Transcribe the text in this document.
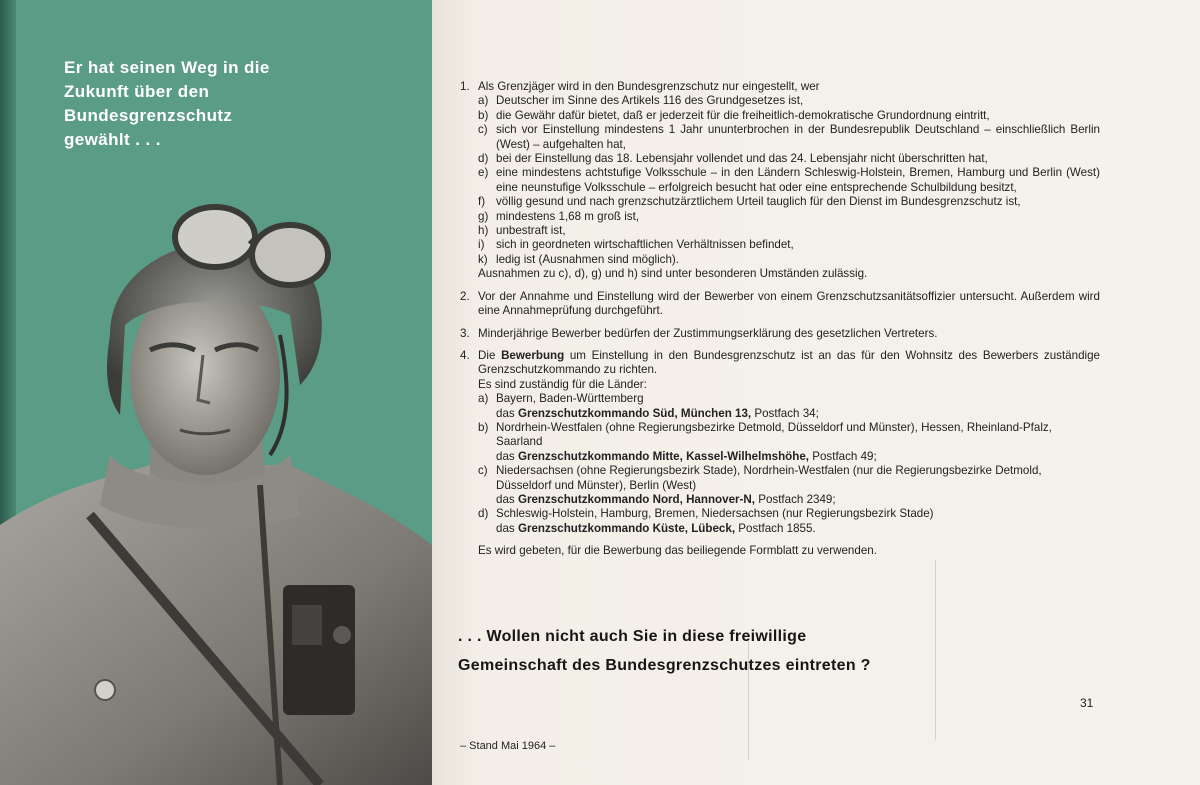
Er hat seinen Weg in die
Zukunft über den
Bundesgrenzschutz
gewählt . . .
1. Als Grenzjäger wird in den Bundesgrenzschutz nur eingestellt, wer
a) Deutscher im Sinne des Artikels 116 des Grundgesetzes ist,
b) die Gewähr dafür bietet, daß er jederzeit für die freiheitlich-demokratische Grundordnung eintritt,
c) sich vor Einstellung mindestens 1 Jahr ununterbrochen in der Bundesrepublik Deutschland – einschließlich Berlin (West) – aufgehalten hat,
d) bei der Einstellung das 18. Lebensjahr vollendet und das 24. Lebensjahr nicht überschritten hat,
e) eine mindestens achtstufige Volksschule – in den Ländern Schleswig-Holstein, Bremen, Hamburg und Berlin (West) eine neunstufige Volksschule – erfolgreich besucht hat oder eine entsprechende Schulbildung besitzt,
f) völlig gesund und nach grenzschutzärztlichem Urteil tauglich für den Dienst im Bundesgrenzschutz ist,
g) mindestens 1,68 m groß ist,
h) unbestraft ist,
i) sich in geordneten wirtschaftlichen Verhältnissen befindet,
k) ledig ist (Ausnahmen sind möglich).
Ausnahmen zu c), d), g) und h) sind unter besonderen Umständen zulässig.
2. Vor der Annahme und Einstellung wird der Bewerber von einem Grenzschutzsanitätsoffizier untersucht. Außerdem wird eine Annahmeprüfung durchgeführt.
3. Minderjährige Bewerber bedürfen der Zustimmungserklärung des gesetzlichen Vertreters.
4. Die Bewerbung um Einstellung in den Bundesgrenzschutz ist an das für den Wohnsitz des Bewerbers zuständige Grenzschutzkommando zu richten.
Es sind zuständig für die Länder:
a) Bayern, Baden-Württemberg
das Grenzschutzkommando Süd, München 13, Postfach 34;
b) Nordrhein-Westfalen (ohne Regierungsbezirke Detmold, Düsseldorf und Münster), Hessen, Rheinland-Pfalz, Saarland
das Grenzschutzkommando Mitte, Kassel-Wilhelmshöhe, Postfach 49;
c) Niedersachsen (ohne Regierungsbezirk Stade), Nordrhein-Westfalen (nur die Regierungsbezirke Detmold, Düsseldorf und Münster), Berlin (West)
das Grenzschutzkommando Nord, Hannover-N, Postfach 2349;
d) Schleswig-Holstein, Hamburg, Bremen, Niedersachsen (nur Regierungsbezirk Stade)
das Grenzschutzkommando Küste, Lübeck, Postfach 1855.
Es wird gebeten, für die Bewerbung das beiliegende Formblatt zu verwenden.
. . . Wollen nicht auch Sie in diese freiwillige
Gemeinschaft des Bundesgrenzschutzes eintreten ?
31
– Stand Mai 1964 –
